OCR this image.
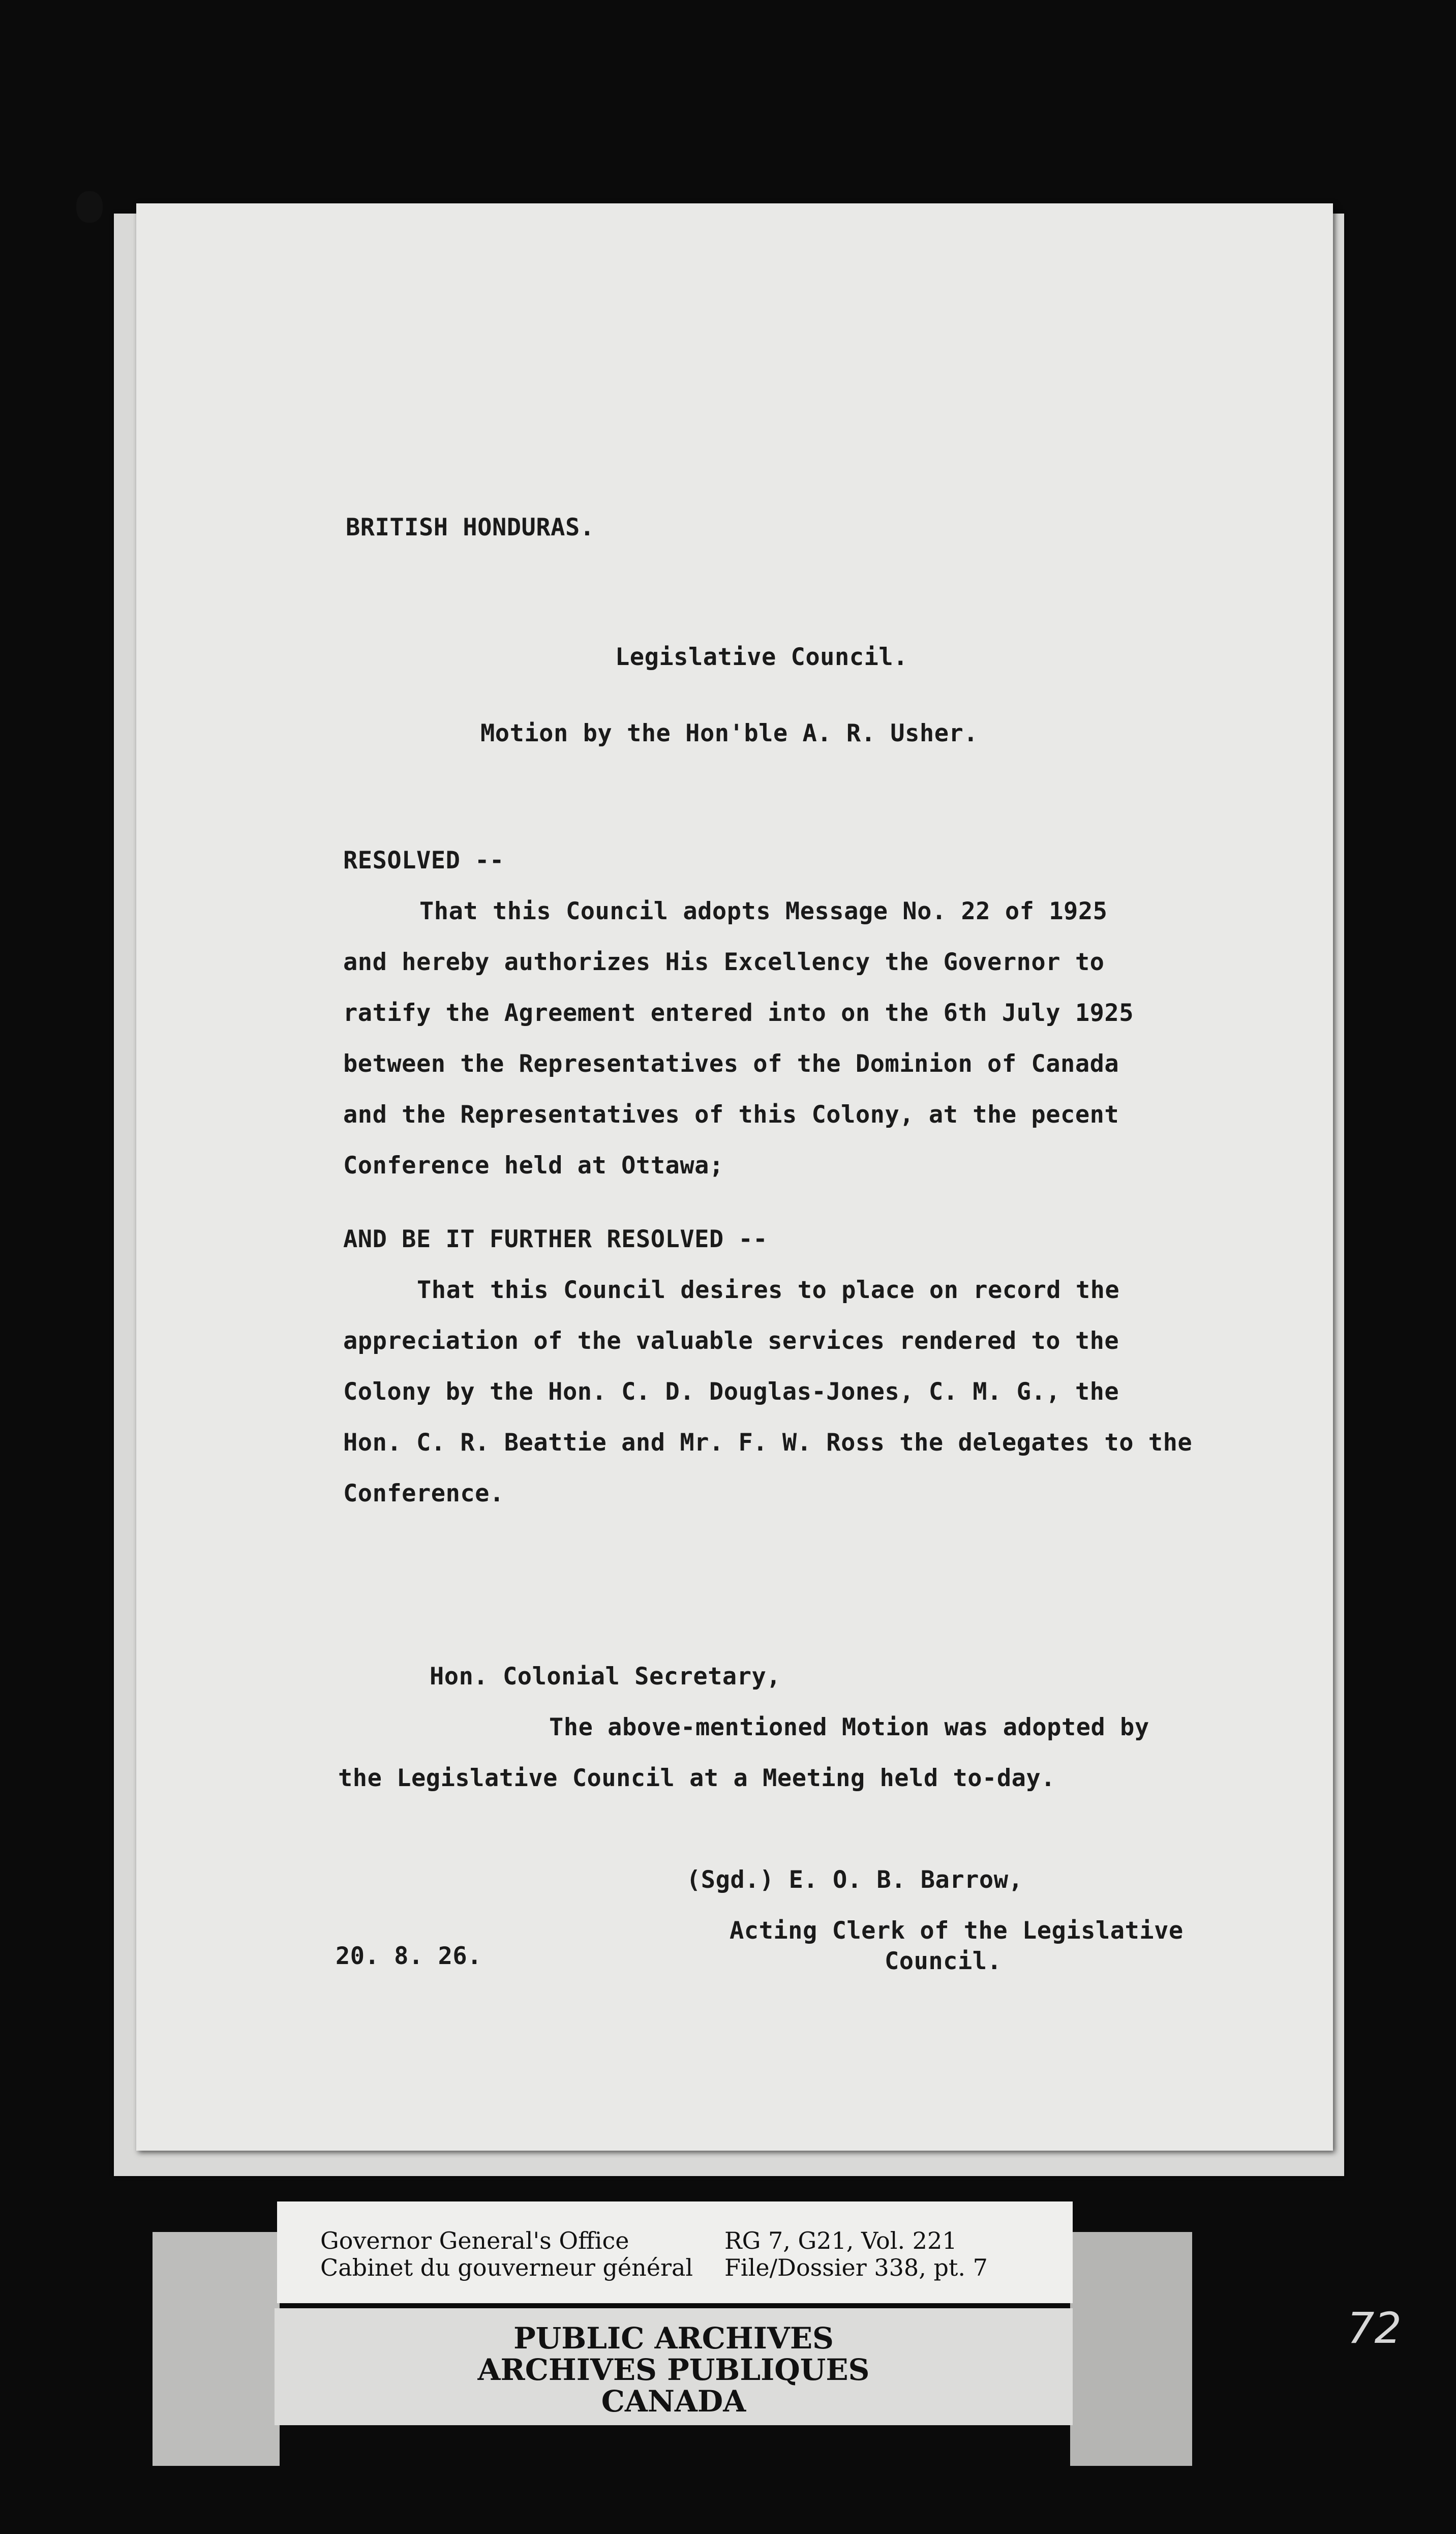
BRITISH HONDURAS.
Legislative Council.
Motion by the Hon'ble A. R. Usher.
RESOLVED --
That this Council adopts Message No. 22 of 1925
and hereby authorizes His Excellency the Governor to
ratify the Agreement entered into on the 6th July 1925
between the Representatives of the Dominion of Canada
and the Representatives of this Colony, at the pecent
Conference held at Ottawa;
AND BE IT FURTHER RESOLVED --
That this Council desires to place on record the
appreciation of the valuable services rendered to the
Colony by the Hon. C. D. Douglas-Jones, C. M. G., the
Hon. C. R. Beattie and Mr. F. W. Ross the delegates to the
Conference.
Hon. Colonial Secretary,
The above-mentioned Motion was adopted by
the Legislative Council at a Meeting held to-day.
(Sgd.) E. O. B. Barrow,
Acting Clerk of the Legislative
Council.
20. 8. 26.
Governor General's Office
Cabinet du gouverneur général
RG 7, G21, Vol. 221
File/Dossier 338, pt. 7
PUBLIC ARCHIVES
ARCHIVES PUBLIQUES
CANADA
72
